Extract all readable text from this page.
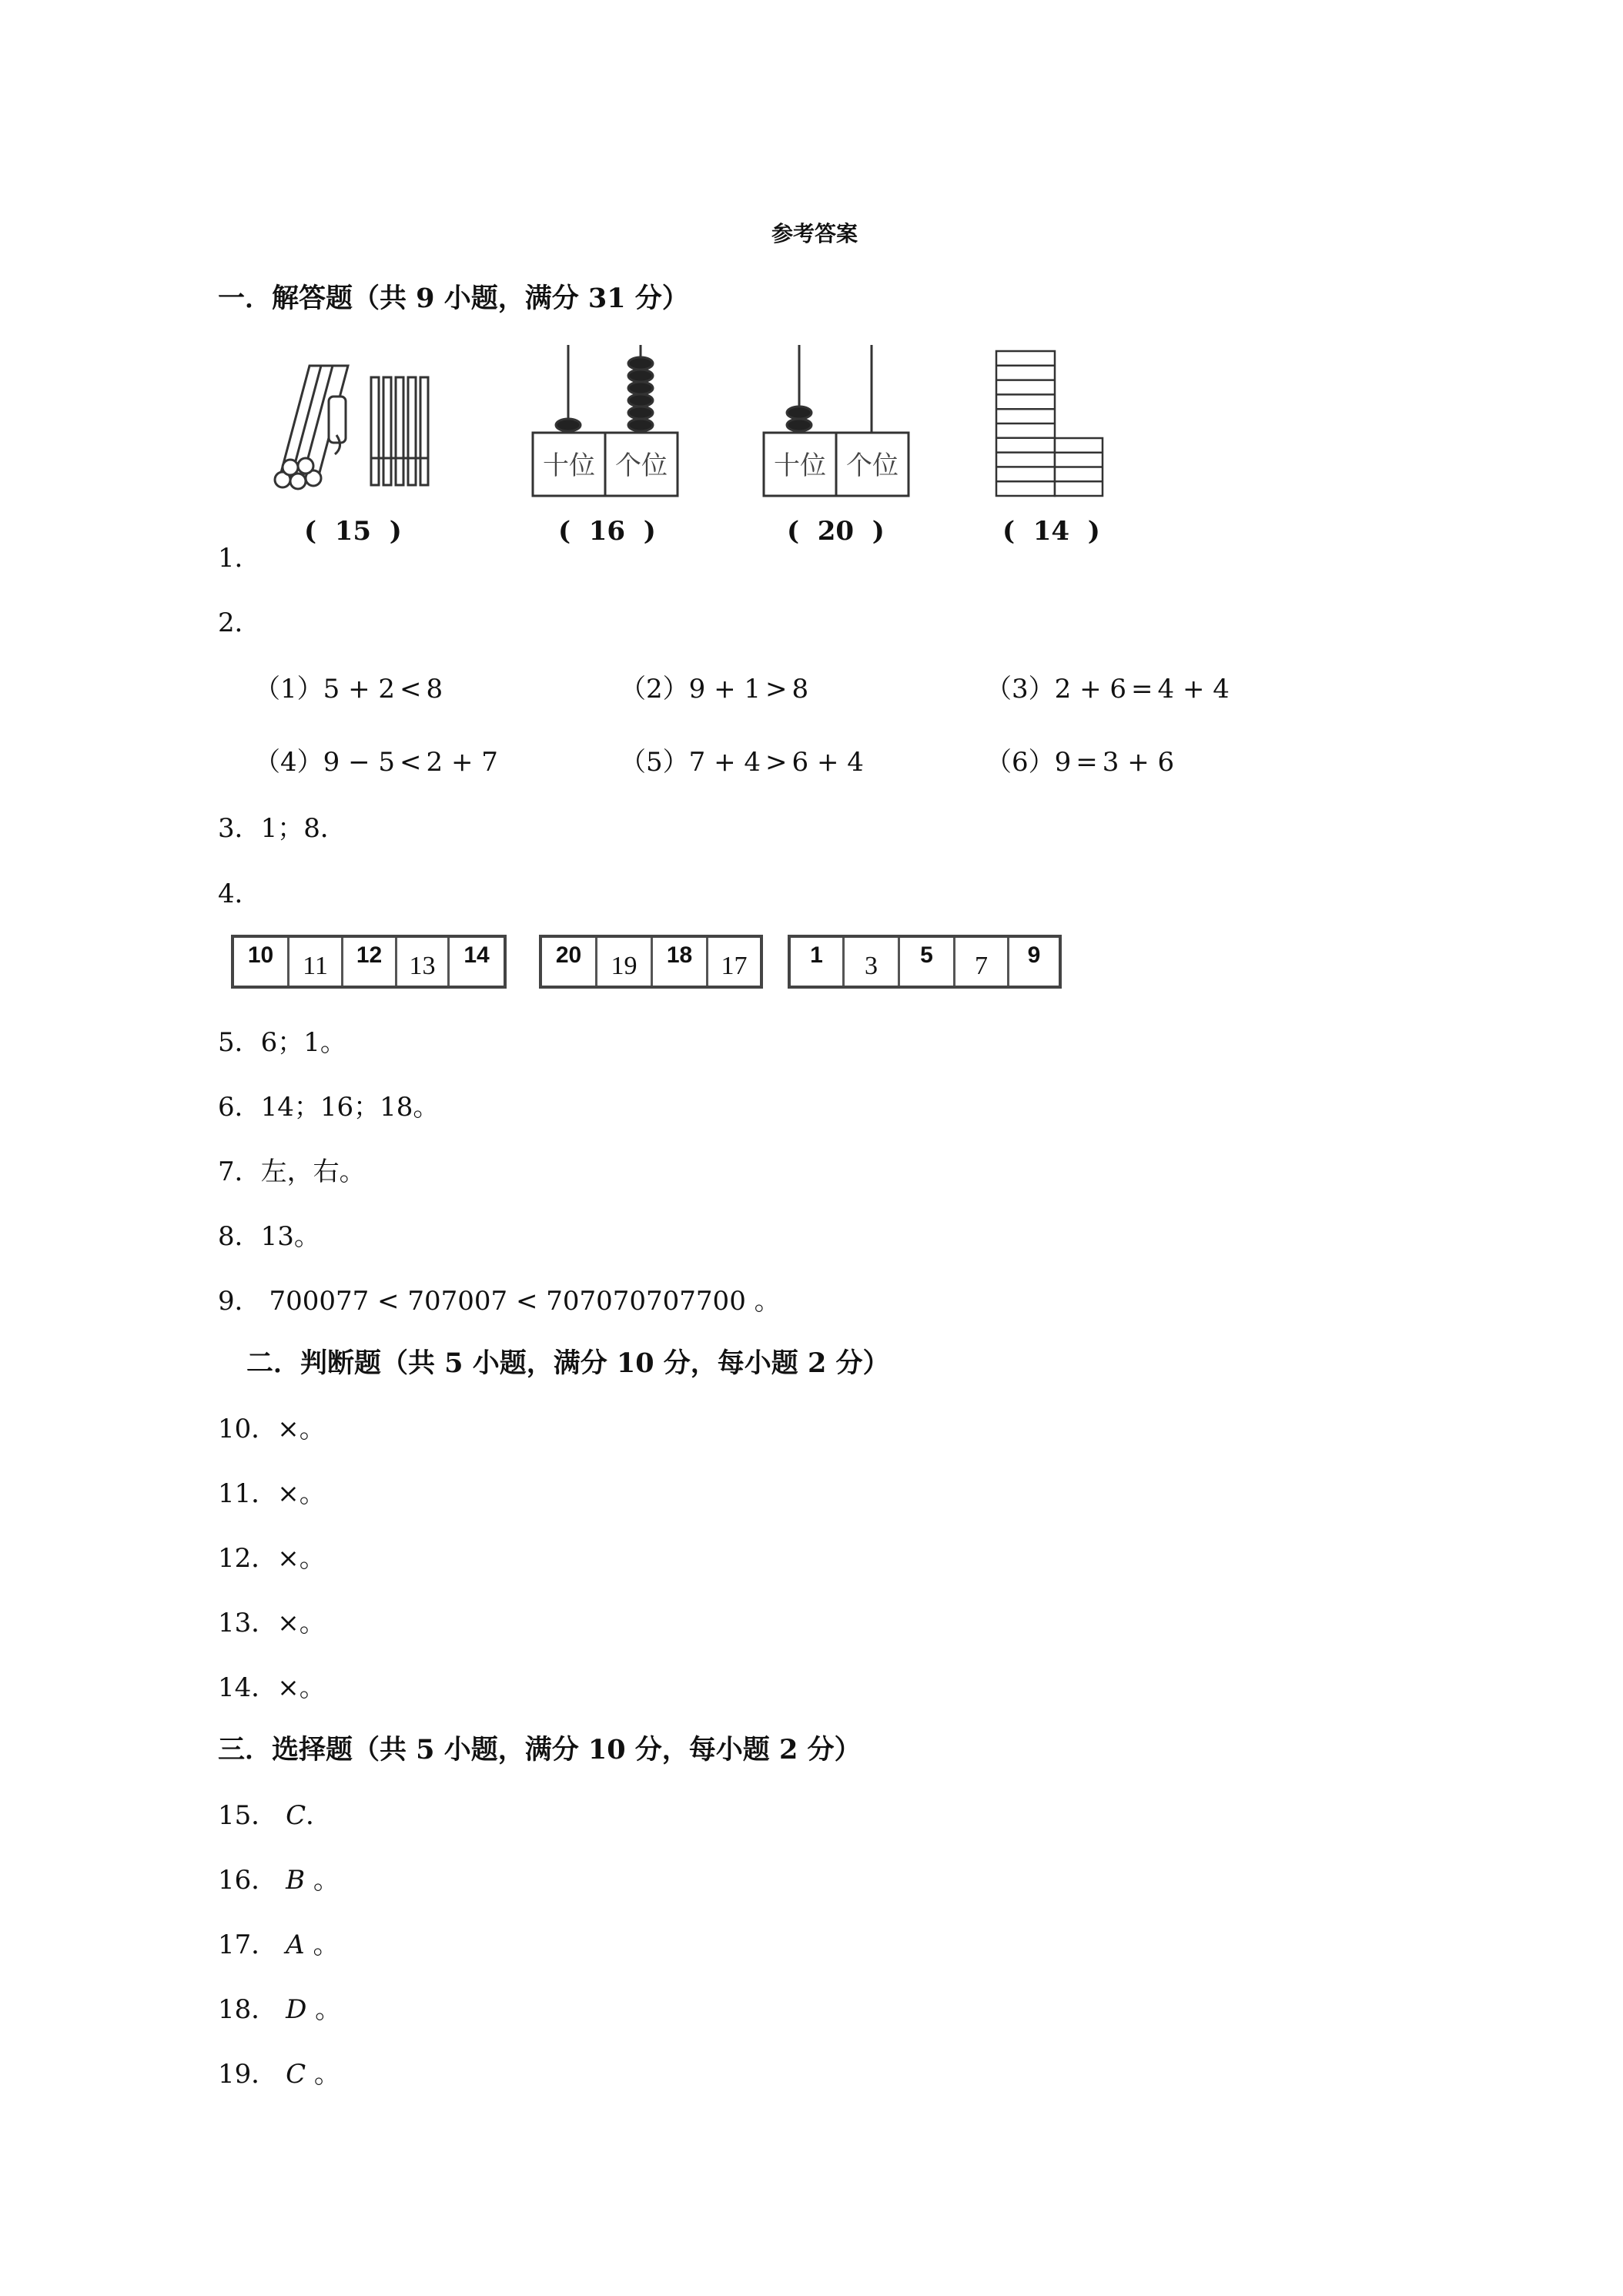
参考答案
一．解答题（共 9 小题，满分 31 分）
十位 个位	十位 个位
(  15  )	(  16  )	(  20  )	(  14  )
1．
2．
（1）5 + 2 < 8	（2）9 + 1 > 8	（3）2 + 6 = 4 + 4
（4）9 − 5 < 2 + 7	（5）7 + 4 > 6 + 4	（6）9 = 3 + 6
3．1；8．
4．
10	11	12	13	14	20	19	18	17	1	3	5	7	9
5．6；1。
6．14；16；18。
7．左，右。
8．13。
9． 700077 < 707007 < 707070707700 。
二．判断题（共 5 小题，满分 10 分，每小题 2 分）
10．×。
11．×。
12．×。
13．×。
14．×。
三．选择题（共 5 小题，满分 10 分，每小题 2 分）
15． C．
16． B 。
17． A 。
18． D 。
19． C 。
